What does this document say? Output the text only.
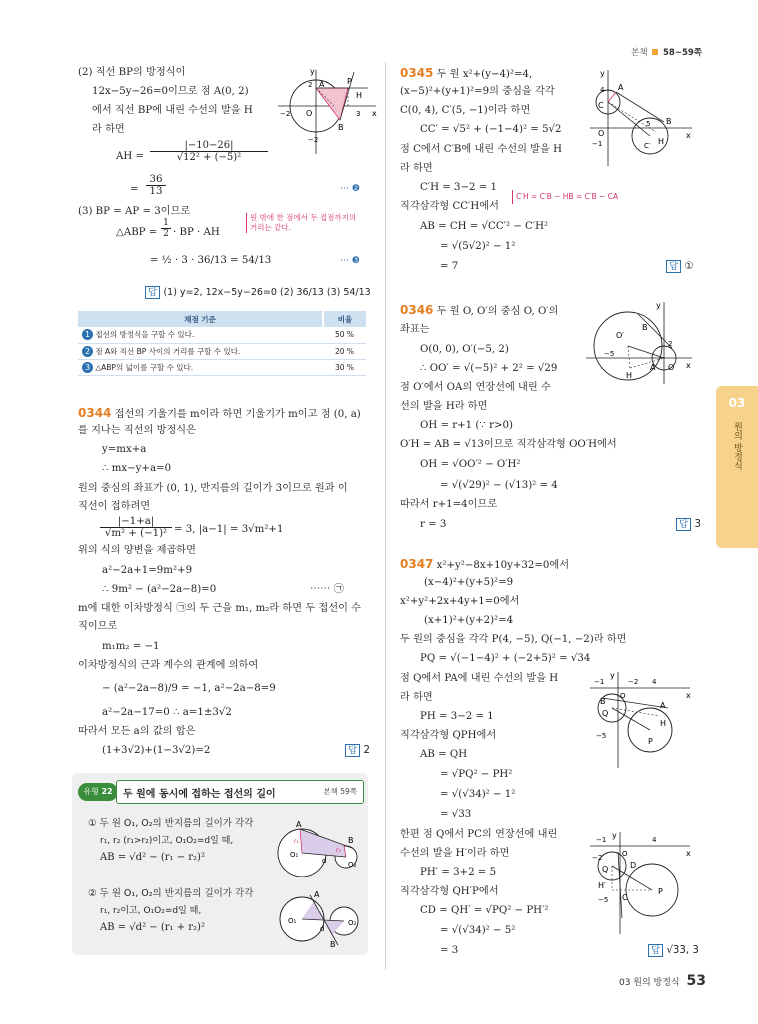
본책 58~59쪽
(2) 직선 BP의 방정식이
12x−5y−26=0이므로 점 A(0, 2)
에서 직선 BP에 내린 수선의 발을 H
라 하면
AH = $\frac{|-10-26|}{\text{√12² + (−5)²}}$
= $\frac{36}{13}$	⋯ ❷
(3) BP = AP = 3이므로
원 밖에 한 점에서 두 접점까지의 거리는 같다.
△ABP =
1
2 · BP · AH
= ½ · 3 · 36/13 = 54/13	⋯ ❸
답 (1) y=2, 12x−5y−26=0 (2) 36/13 (3) 54/13
y
x
A	P
H
B
O
2
−2
−2
3
채점 기준	비율
1 접선의 방정식을 구할 수 있다.	50 %
2 점 A와 직선 BP 사이의 거리를 구할 수 있다.	20 %
3 △ABP의 넓이를 구할 수 있다.	30 %
0344 접선의 기울기를 m이라 하면 기울기가 m이고 점 (0, a)
를 지나는 직선의 방정식은
y=mx+a
∴ mx−y+a=0
원의 중심의 좌표가 (0, 1), 반지름의 길이가 3이므로 원과 이
직선이 접하려면
|−1+a|
√m² + (−1)² = 3, |a−1| = 3√m²+1
위의 식의 양변을 제곱하면
a²−2a+1=9m²+9
∴ 9m² − (a²−2a−8)=0	⋯⋯ ㉠
m에 대한 이차방정식 ㉠의 두 근을 m₁, m₂라 하면 두 접선이 수
직이므로
m₁m₂ = −1
이차방정식의 근과 계수의 관계에 의하여
− (a²−2a−8)/9 = −1, a²−2a−8=9
a²−2a−17=0 ∴ a=1±3√2
따라서 모든 a의 값의 합은
(1+3√2)+(1−3√2)=2	답 2
유형 22	두 원에 동시에 접하는 접선의 길이	본책 59쪽
① 두 원 O₁, O₂의 반지름의 길이가 각각
r₁, r₂ (r₁>r₂)이고, O₁O₂=d일 때,
AB = √d² − (r₁ − r₂)²
② 두 원 O₁, O₂의 반지름의 길이가 각각
r₁, r₂이고, O₁O₂=d일 때,
AB = √d² − (r₁ + r₂)²
A
B
O₁
O₂
r₁
r₂
d
A
B
O₁	O₂
d
0345 두 원 x²+(y−4)²=4,
(x−5)²+(y+1)²=9의 중심을 각각
C(0, 4), C′(5, −1)이라 하면
CC′ = √5² + (−1−4)² = 5√2
점 C에서 C′B에 내린 수선의 발을 H
라 하면
C′H = 3−2 = 1
C′H = C′B − HB = C′B − CA
직각삼각형 CC′H에서
AB = CH = √CC′² − C′H²
= √(5√2)² − 1²
= 7	답 ①
y
x
A
C
B
H
O
C′
4
5
−1
0346 두 원 O, O′의 중심 O, O′의
좌표는
O(0, 0), O′(−5, 2)
∴ OO′ = √(−5)² + 2² = √29
점 O′에서 OA의 연장선에 내린 수
선의 발을 H라 하면
OH = r+1 (∵ r>0)
O′H = AB = √13이므로 직각삼각형 OO′H에서
OH = √OO′² − O′H²
= √(√29)² − (√13)² = 4
따라서 r+1=4이므로
r = 3	답 3
y
x
O′
B
A
H
O
2
−5
0347 x²+y²−8x+10y+32=0에서
(x−4)²+(y+5)²=9
x²+y²+2x+4y+1=0에서
(x+1)²+(y+2)²=4
두 원의 중심을 각각 P(4, −5), Q(−1, −2)라 하면
PQ = √(−1−4)² + (−2+5)² = √34
점 Q에서 PA에 내린 수선의 발을 H
라 하면
PH = 3−2 = 1
직각삼각형 QPH에서
AB = QH
= √PQ² − PH²
= √(√34)² − 1²
= √33
한편 점 Q에서 PC의 연장선에 내린
수선의 발을 H′이라 하면
PH′ = 3+2 = 5
직각삼각형 QH′P에서
CD = QH′ = √PQ² − PH′²
= √(√34)² − 5²
= 3	답 √33, 3
y
x
O
B
Q
A
H
P
−1	−2 4
−5
y
x
O
D
Q
H′
C
P
−1
−2
4
−5
03
원의 방정식
03 원의 방정식 53
